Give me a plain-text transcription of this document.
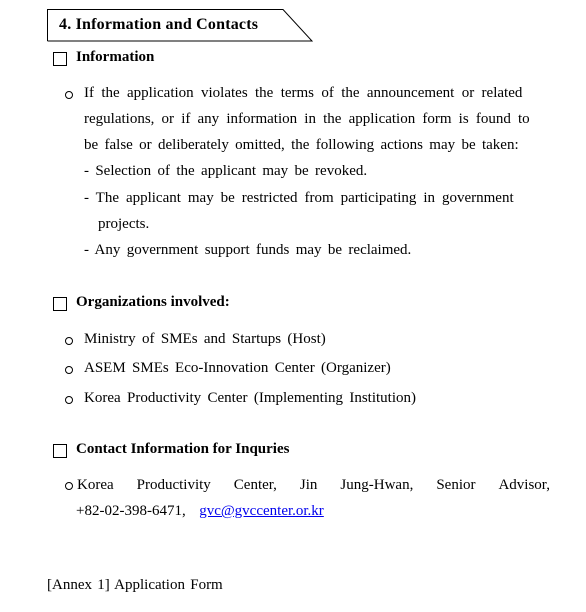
4. Information and Contacts
Information
If the application violates the terms of the announcement or related
regulations, or if any information in the application form is found to
be false or deliberately omitted, the following actions may be taken:
- Selection of the applicant may be revoked.
- The applicant may be restricted from participating in government
projects.
- Any government support funds may be reclaimed.
Organizations involved:
Ministry of SMEs and Startups (Host)
ASEM SMEs Eco-Innovation Center (Organizer)
Korea Productivity Center (Implementing Institution)
Contact Information for Inquries
Korea Productivity Center, Jin Jung-Hwan, Senior Advisor,
+82-02-398-6471, gvc@gvccenter.or.kr
[Annex 1] Application Form
